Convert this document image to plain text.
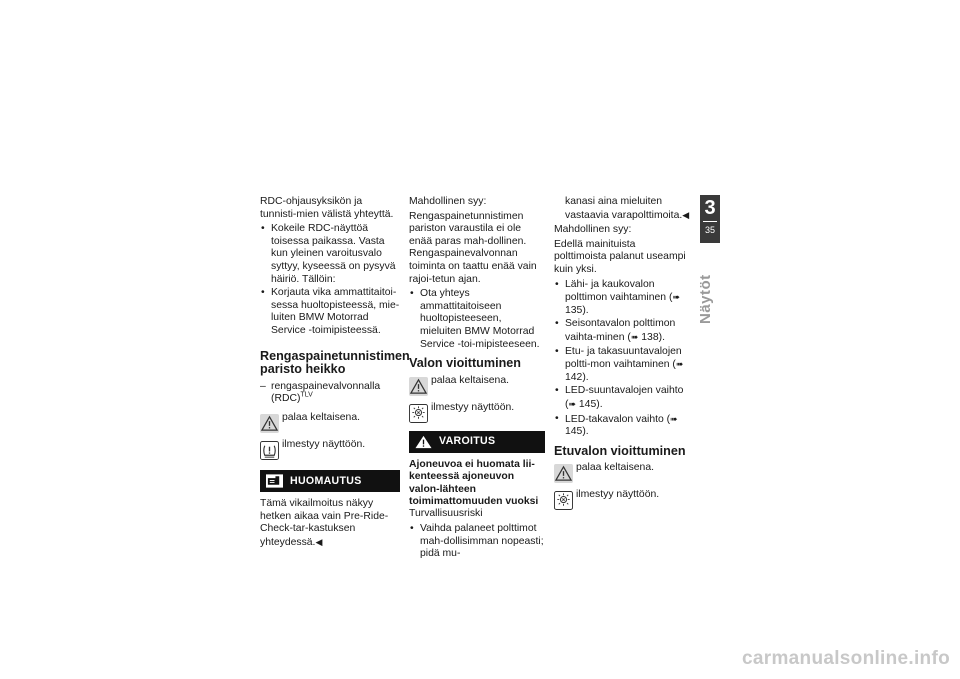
RDC-ohjausyksikön ja tunnisti-mien välistä yhteyttä.

• Kokeile RDC-näyttöä toisessa paikassa. Vasta kun yleinen varoitusvalo syttyy, kyseessä on pysyvä häiriö. Tällöin:
• Korjauta vika ammattitaitoi-sessa huoltopisteessä, mie-luiten BMW Motorrad Service -toimipisteessä.
Rengaspainetunnistimen paristo heikko
– rengaspainevalvonnalla (RDC)$^{TLV}$
palaa keltaisena.
ilmestyy näyttöön.
HUOMAUTUS

Tämä vikailmoitus näkyy hetken aikaa vain Pre-Ride-Check-tar-kastuksen yhteydessä.◀

Mahdollinen syy:

Rengaspainetunnistimen pariston varaustila ei ole enää paras mah-dollinen. Rengaspainevalvonnan toiminta on taattu enää vain rajoi-tetun ajan.

• Ota yhteys ammattitaitoiseen huoltopisteeseen, mieluiten BMW Motorrad Service -toi-mipisteeseen.
Valon vioittuminen
palaa keltaisena.
ilmestyy näyttöön.
VAROITUS

Ajoneuvoa ei huomata lii-kenteessä ajoneuvon valon-lähteen toimimattomuuden vuoksi

Turvallisuusriski

• Vaihda palaneet polttimot mah-dollisimman nopeasti; pidä mu-

kanasi aina mieluiten vastaavia varapolttimoita.◀

Mahdollinen syy:

Edellä mainituista polttimoista palanut useampi kuin yksi.

• Lähi- ja kaukovalon polttimon vaihtaminen (➠ 135).
• Seisontavalon polttimon vaihta-minen (➠ 138).
• Etu- ja takasuuntavalojen poltti-mon vaihtaminen (➠ 142).
• LED-suuntavalojen vaihto (➠ 145).
• LED-takavalon vaihto (➠ 145).
Etuvalon vioittuminen
palaa keltaisena.
ilmestyy näyttöön.
3
35
Näytöt
carmanualsonline.info
